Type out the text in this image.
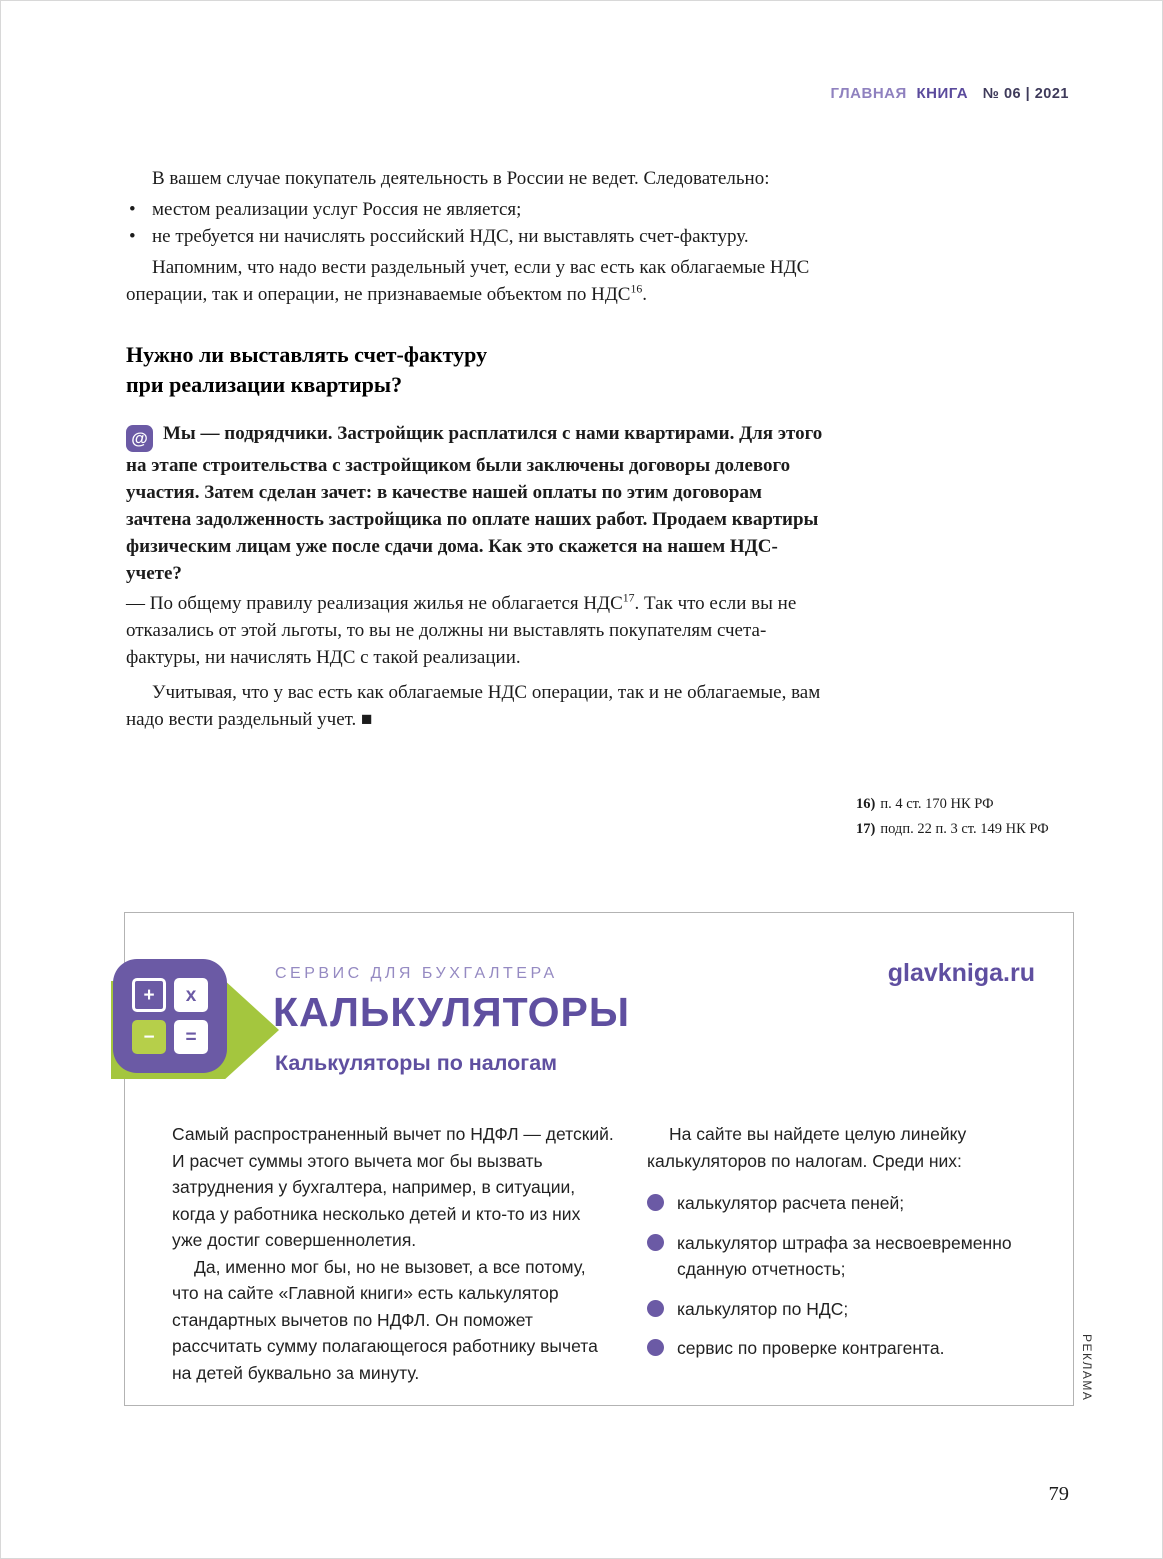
ГЛАВНАЯ КНИГА № 06 | 2021

В вашем случае покупатель деятельность в России не ведет. Следовательно:

• местом реализации услуг Россия не является;
• не требуется ни начислять российский НДС, ни выставлять счет-фактуру.

Напомним, что надо вести раздельный учет, если у вас есть как облагаемые НДС операции, так и операции, не признаваемые объектом по НДС$^{16}$.

Нужно ли выставлять счет-фактуру
при реализации квартиры?

@ Мы — подрядчики. Застройщик расплатился с нами квартирами. Для этого на этапе строительства с застройщиком были заключены договоры долевого участия. Затем сделан зачет: в качестве нашей оплаты по этим договорам зачтена задолженность застройщика по оплате наших работ. Продаем квартиры физическим лицам уже после сдачи дома. Как это скажется на нашем НДС-учете?

— По общему правилу реализация жилья не облагается НДС$^{17}$. Так что если вы не отказались от этой льготы, то вы не должны ни выставлять покупателям счета-фактуры, ни начислять НДС с такой реализации.

Учитывая, что у вас есть как облагаемые НДС операции, так и не облагаемые, вам надо вести раздельный учет. ■

16) п. 4 ст. 170 НК РФ
17) подп. 22 п. 3 ст. 149 НК РФ
+	x
−	=
СЕРВИС ДЛЯ БУХГАЛТЕРА	glavkniga.ru
КАЛЬКУЛЯТОРЫ
Калькуляторы по налогам

Самый распространенный вычет по НДФЛ — детский. И расчет суммы этого вычета мог бы вызвать затруднения у бухгалтера, например, в ситуации, когда у работника несколько детей и кто-то из них уже достиг совершеннолетия.

Да, именно мог бы, но не вызовет, а все потому, что на сайте «Главной книги» есть калькулятор стандартных вычетов по НДФЛ. Он поможет рассчитать сумму полагающегося работнику вычета на детей буквально за минуту.

На сайте вы найдете целую линейку калькуляторов по налогам. Среди них:

калькулятор расчета пеней;
калькулятор штрафа за несвоевременно сданную отчетность;
калькулятор по НДС;
сервис по проверке контрагента.	РЕКЛАМА
79
